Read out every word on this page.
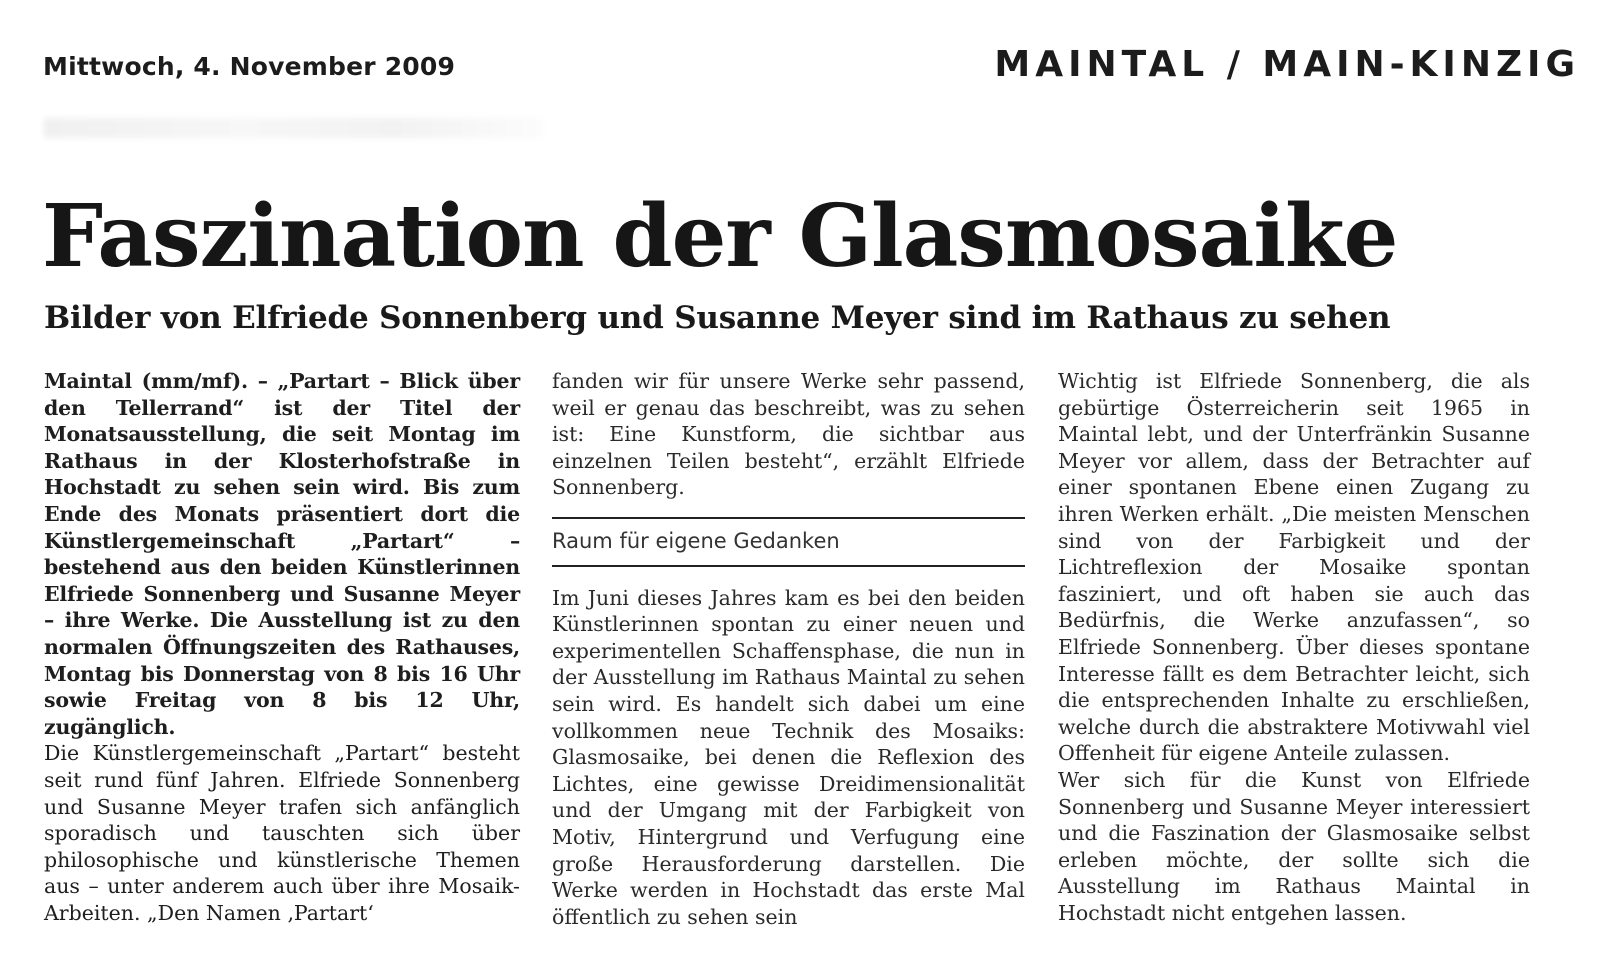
Mittwoch, 4. November 2009	MAINTAL / MAIN-KINZIG
Faszination der Glasmosaike
Bilder von Elfriede Sonnenberg und Susanne Meyer sind im Rathaus zu sehen

Maintal (mm/mf). – „Partart – Blick über den Tellerrand“ ist der Titel der Monatsausstellung, die seit Montag im Rathaus in der Klosterhofstraße in Hochstadt zu sehen sein wird. Bis zum Ende des Monats präsentiert dort die Künstlergemeinschaft „Partart“ – bestehend aus den beiden Künstlerinnen Elfriede Sonnenberg und Susanne Meyer – ihre Werke. Die Ausstellung ist zu den normalen Öffnungszeiten des Rathauses, Montag bis Donnerstag von 8 bis 16 Uhr sowie Freitag von 8 bis 12 Uhr, zugänglich.

Die Künstlergemeinschaft „Partart“ besteht seit rund fünf Jahren. Elfriede Sonnenberg und Susanne Meyer trafen sich anfänglich sporadisch und tauschten sich über philosophische und künstlerische Themen aus – unter anderem auch über ihre Mosaik-Arbeiten. „Den Namen ‚Partart‘

fanden wir für unsere Werke sehr passend, weil er genau das beschreibt, was zu sehen ist: Eine Kunstform, die sichtbar aus einzelnen Teilen besteht“, erzählt Elfriede Sonnenberg.

Raum für eigene Gedanken

Im Juni dieses Jahres kam es bei den beiden Künstlerinnen spontan zu einer neuen und experimentellen Schaffensphase, die nun in der Ausstellung im Rathaus Maintal zu sehen sein wird. Es handelt sich dabei um eine vollkommen neue Technik des Mosaiks: Glasmosaike, bei denen die Reflexion des Lichtes, eine gewisse Dreidimensionalität und der Umgang mit der Farbigkeit von Motiv, Hintergrund und Verfugung eine große Herausforderung darstellen. Die Werke werden in Hochstadt das erste Mal öffentlich zu sehen sein

Wichtig ist Elfriede Sonnenberg, die als gebürtige Österreicherin seit 1965 in Maintal lebt, und der Unterfränkin Susanne Meyer vor allem, dass der Betrachter auf einer spontanen Ebene einen Zugang zu ihren Werken erhält. „Die meisten Menschen sind von der Farbigkeit und der Lichtreflexion der Mosaike spontan fasziniert, und oft haben sie auch das Bedürfnis, die Werke anzufassen“, so Elfriede Sonnenberg. Über dieses spontane Interesse fällt es dem Betrachter leicht, sich die entsprechenden Inhalte zu erschließen, welche durch die abstraktere Motivwahl viel Offenheit für eigene Anteile zulassen.

Wer sich für die Kunst von Elfriede Sonnenberg und Susanne Meyer interessiert und die Faszination der Glasmosaike selbst erleben möchte, der sollte sich die Ausstellung im Rathaus Maintal in Hochstadt nicht entgehen lassen.
